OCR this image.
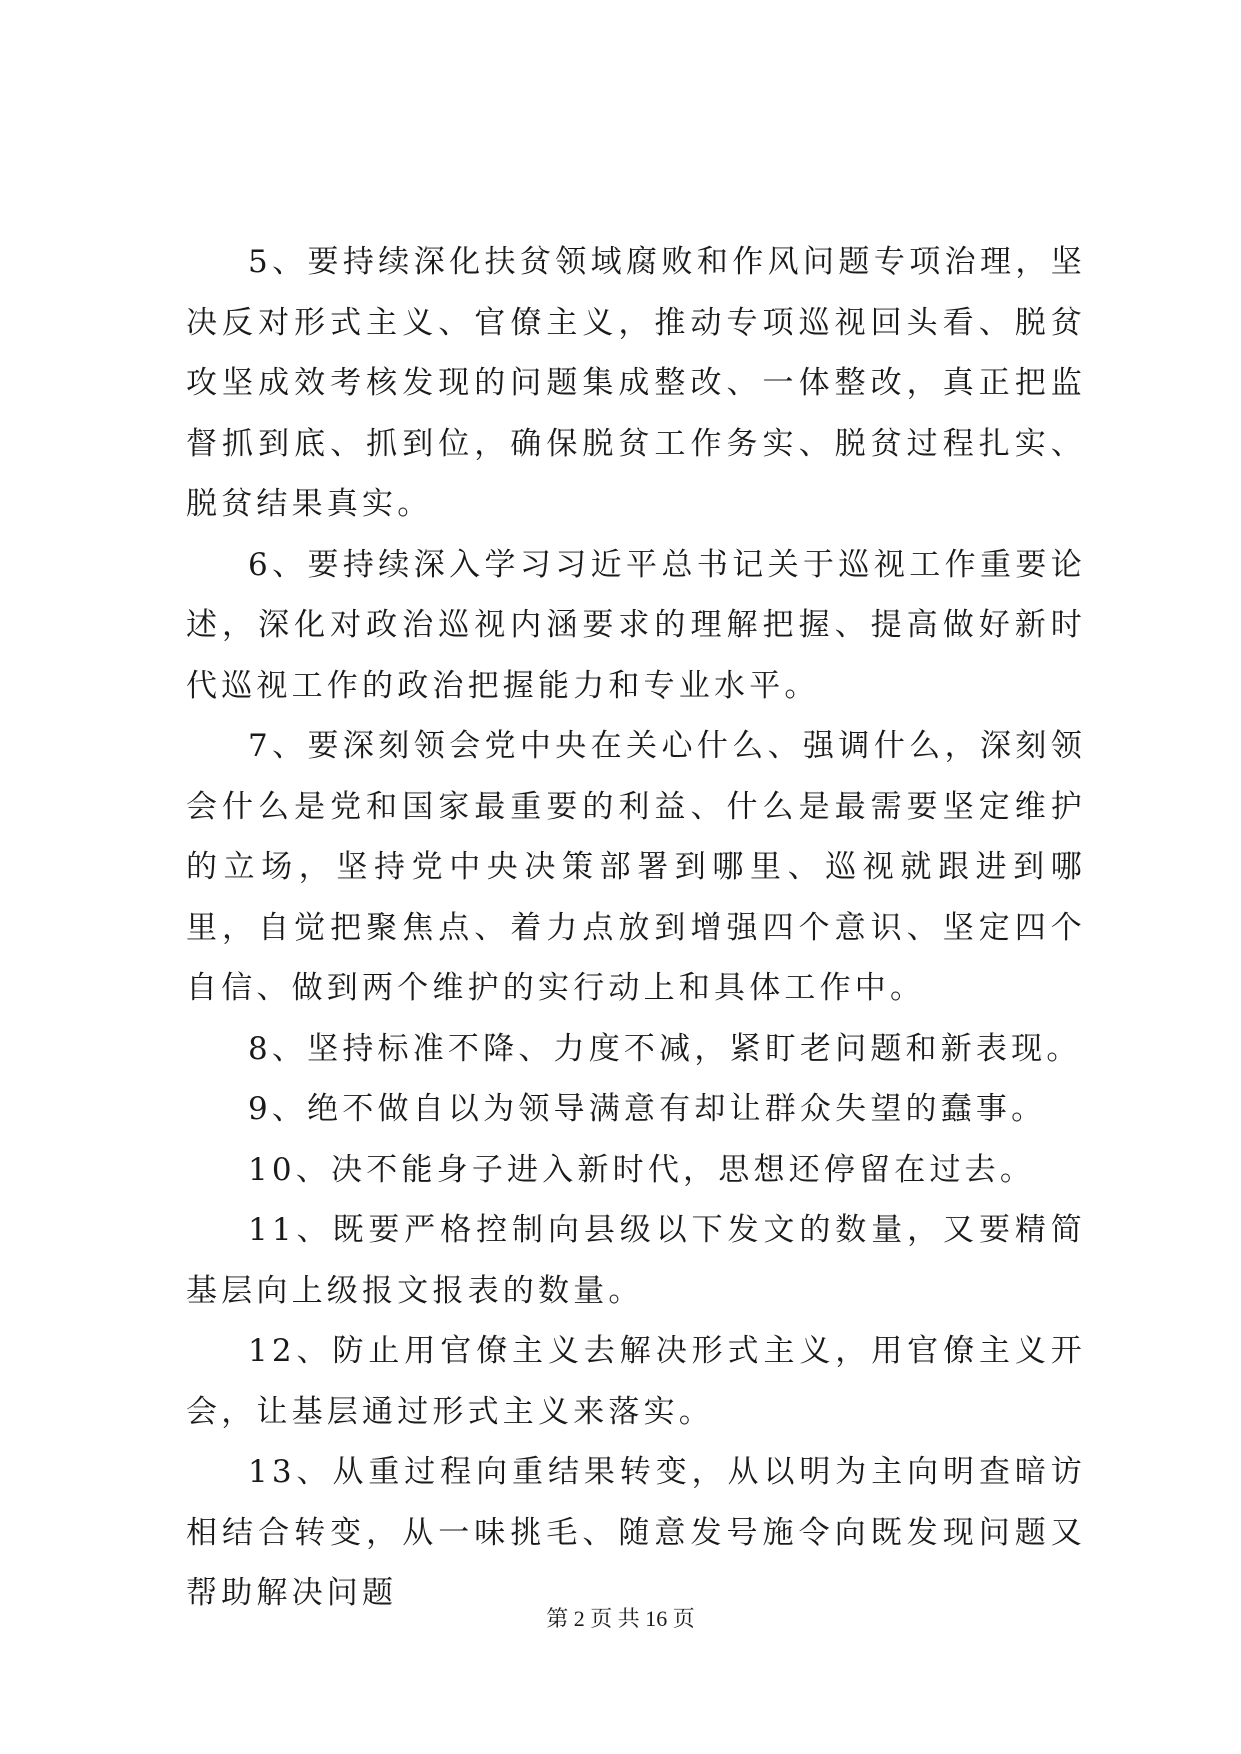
5、要持续深化扶贫领域腐败和作风问题专项治理，坚决反对形式主义、官僚主义，推动专项巡视回头看、脱贫攻坚成效考核发现的问题集成整改、一体整改，真正把监督抓到底、抓到位，确保脱贫工作务实、脱贫过程扎实、脱贫结果真实。

6、要持续深入学习习近平总书记关于巡视工作重要论述，深化对政治巡视内涵要求的理解把握、提高做好新时代巡视工作的政治把握能力和专业水平。

7、要深刻领会党中央在关心什么、强调什么，深刻领会什么是党和国家最重要的利益、什么是最需要坚定维护的立场，坚持党中央决策部署到哪里、巡视就跟进到哪里，自觉把聚焦点、着力点放到增强四个意识、坚定四个自信、做到两个维护的实行动上和具体工作中。

8、坚持标准不降、力度不减，紧盯老问题和新表现。

9、绝不做自以为领导满意有却让群众失望的蠢事。

10、决不能身子进入新时代，思想还停留在过去。

11、既要严格控制向县级以下发文的数量，又要精简基层向上级报文报表的数量。

12、防止用官僚主义去解决形式主义，用官僚主义开会，让基层通过形式主义来落实。

13、从重过程向重结果转变，从以明为主向明查暗访相结合转变，从一味挑毛、随意发号施令向既发现问题又帮助解决问题

第 2 页 共 16 页
